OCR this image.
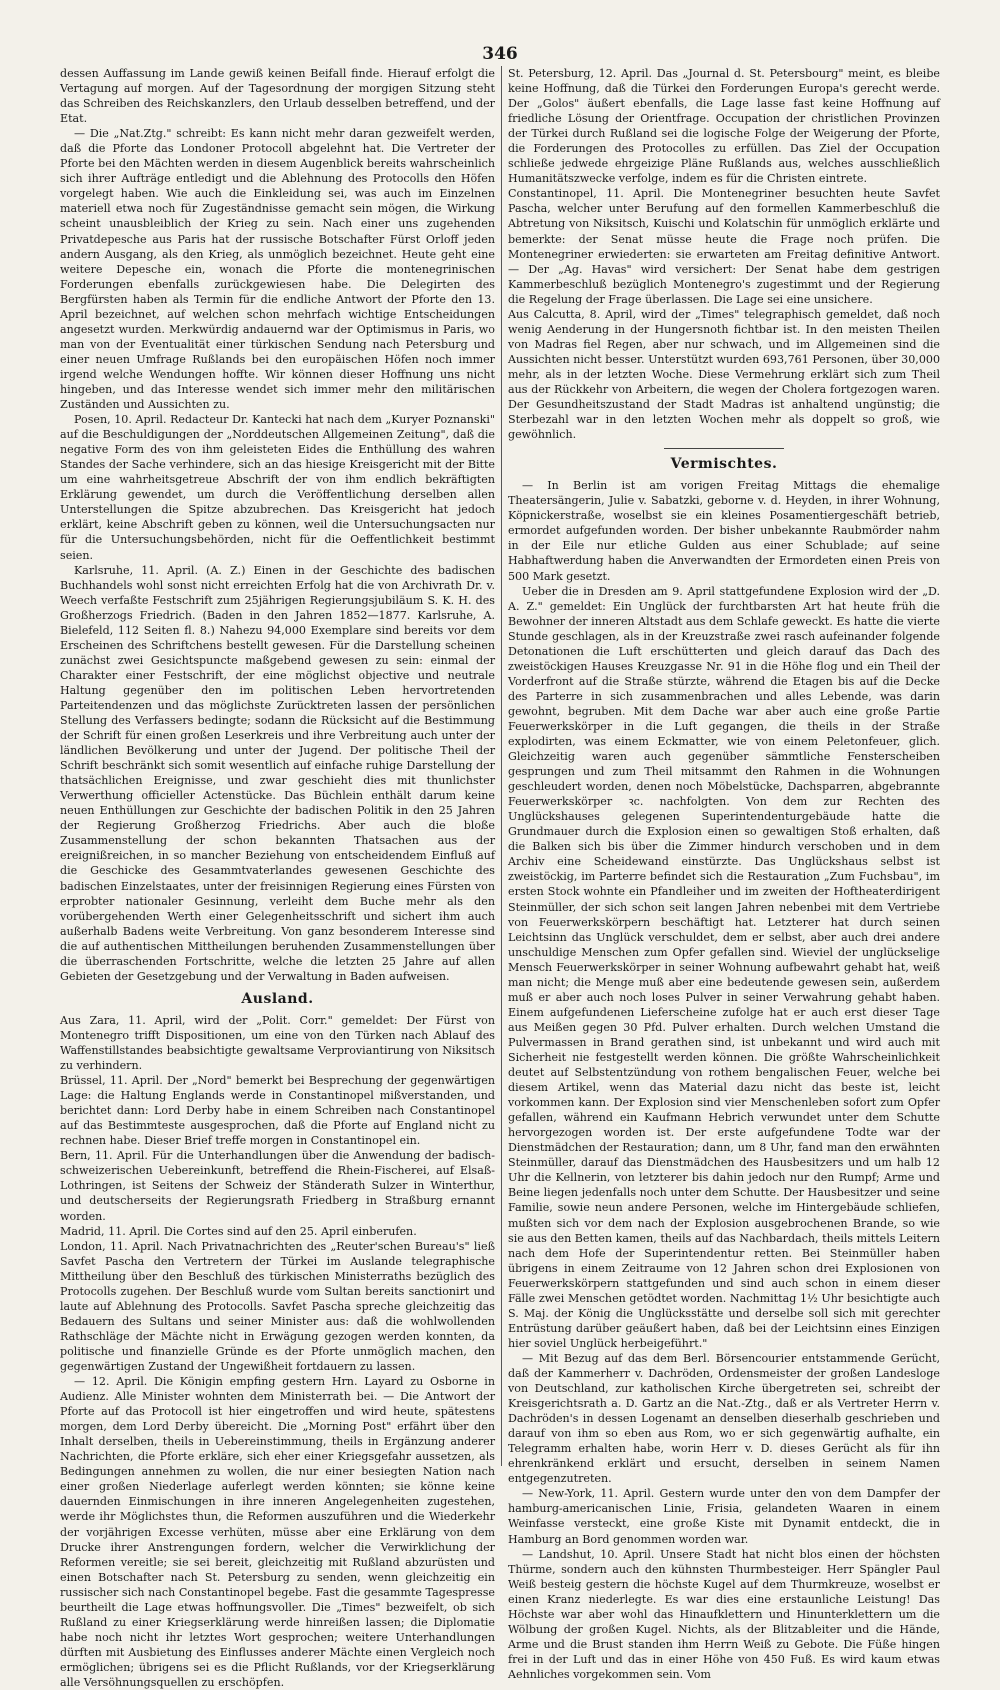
346

dessen Auffassung im Lande gewiß keinen Beifall finde. Hierauf erfolgt die Vertagung auf morgen. Auf der Tagesordnung der morgigen Sitzung steht das Schreiben des Reichskanzlers, den Urlaub desselben betreffend, und der Etat.

— Die „Nat.Ztg." schreibt: Es kann nicht mehr daran gezweifelt werden, daß die Pforte das Londoner Protocoll abgelehnt hat. Die Vertreter der Pforte bei den Mächten werden in diesem Augenblick bereits wahrscheinlich sich ihrer Aufträge entledigt und die Ablehnung des Protocolls den Höfen vorgelegt haben. Wie auch die Einkleidung sei, was auch im Einzelnen materiell etwa noch für Zugeständnisse gemacht sein mögen, die Wirkung scheint unausbleiblich der Krieg zu sein. Nach einer uns zugehenden Privatdepesche aus Paris hat der russische Botschafter Fürst Orloff jeden andern Ausgang, als den Krieg, als unmöglich bezeichnet. Heute geht eine weitere Depesche ein, wonach die Pforte die montenegrinischen Forderungen ebenfalls zurückgewiesen habe. Die Delegirten des Bergfürsten haben als Termin für die endliche Antwort der Pforte den 13. April bezeichnet, auf welchen schon mehrfach wichtige Entscheidungen angesetzt wurden. Merkwürdig andauernd war der Optimismus in Paris, wo man von der Eventualität einer türkischen Sendung nach Petersburg und einer neuen Umfrage Rußlands bei den europäischen Höfen noch immer irgend welche Wendungen hoffte. Wir können dieser Hoffnung uns nicht hingeben, und das Interesse wendet sich immer mehr den militärischen Zuständen und Aussichten zu.

Posen, 10. April. Redacteur Dr. Kantecki hat nach dem „Kuryer Poznanski" auf die Beschuldigungen der „Norddeutschen Allgemeinen Zeitung", daß die negative Form des von ihm geleisteten Eides die Enthüllung des wahren Standes der Sache verhindere, sich an das hiesige Kreisgericht mit der Bitte um eine wahrheitsgetreue Abschrift der von ihm endlich bekräftigten Erklärung gewendet, um durch die Veröffentlichung derselben allen Unterstellungen die Spitze abzubrechen. Das Kreisgericht hat jedoch erklärt, keine Abschrift geben zu können, weil die Untersuchungsacten nur für die Untersuchungsbehörden, nicht für die Oeffentlichkeit bestimmt seien.

Karlsruhe, 11. April. (A. Z.) Einen in der Geschichte des badischen Buchhandels wohl sonst nicht erreichten Erfolg hat die von Archivrath Dr. v. Weech verfaßte Festschrift zum 25jährigen Regierungsjubiläum S. K. H. des Großherzogs Friedrich. (Baden in den Jahren 1852—1877. Karlsruhe, A. Bielefeld, 112 Seiten fl. 8.) Nahezu 94,000 Exemplare sind bereits vor dem Erscheinen des Schriftchens bestellt gewesen. Für die Darstellung scheinen zunächst zwei Gesichtspuncte maßgebend gewesen zu sein: einmal der Charakter einer Festschrift, der eine möglichst objective und neutrale Haltung gegenüber den im politischen Leben hervortretenden Parteitendenzen und das möglichste Zurücktreten lassen der persönlichen Stellung des Verfassers bedingte; sodann die Rücksicht auf die Bestimmung der Schrift für einen großen Leserkreis und ihre Verbreitung auch unter der ländlichen Bevölkerung und unter der Jugend. Der politische Theil der Schrift beschränkt sich somit wesentlich auf einfache ruhige Darstellung der thatsächlichen Ereignisse, und zwar geschieht dies mit thunlichster Verwerthung officieller Actenstücke. Das Büchlein enthält darum keine neuen Enthüllungen zur Geschichte der badischen Politik in den 25 Jahren der Regierung Großherzog Friedrichs. Aber auch die bloße Zusammenstellung der schon bekannten Thatsachen aus der ereignißreichen, in so mancher Beziehung von entscheidendem Einfluß auf die Geschicke des Gesammtvaterlandes gewesenen Geschichte des badischen Einzelstaates, unter der freisinnigen Regierung eines Fürsten von erprobter nationaler Gesinnung, verleiht dem Buche mehr als den vorübergehenden Werth einer Gelegenheitsschrift und sichert ihm auch außerhalb Badens weite Verbreitung. Von ganz besonderem Interesse sind die auf authentischen Mittheilungen beruhenden Zusammenstellungen über die überraschenden Fortschritte, welche die letzten 25 Jahre auf allen Gebieten der Gesetzgebung und der Verwaltung in Baden aufweisen.

Ausland.

Aus Zara, 11. April, wird der „Polit. Corr." gemeldet: Der Fürst von Montenegro trifft Dispositionen, um eine von den Türken nach Ablauf des Waffenstillstandes beabsichtigte gewaltsame Verproviantirung von Niksitsch zu verhindern.

Brüssel, 11. April. Der „Nord" bemerkt bei Besprechung der gegenwärtigen Lage: die Haltung Englands werde in Constantinopel mißverstanden, und berichtet dann: Lord Derby habe in einem Schreiben nach Constantinopel auf das Bestimmteste ausgesprochen, daß die Pforte auf England nicht zu rechnen habe. Dieser Brief treffe morgen in Constantinopel ein.

Bern, 11. April. Für die Unterhandlungen über die Anwendung der badisch-schweizerischen Uebereinkunft, betreffend die Rhein-Fischerei, auf Elsaß-Lothringen, ist Seitens der Schweiz der Ständerath Sulzer in Winterthur, und deutscherseits der Regierungsrath Friedberg in Straßburg ernannt worden.

Madrid, 11. April. Die Cortes sind auf den 25. April einberufen.

London, 11. April. Nach Privatnachrichten des „Reuter'schen Bureau's" ließ Savfet Pascha den Vertretern der Türkei im Auslande telegraphische Mittheilung über den Beschluß des türkischen Ministerraths bezüglich des Protocolls zugehen. Der Beschluß wurde vom Sultan bereits sanctionirt und laute auf Ablehnung des Protocolls. Savfet Pascha spreche gleichzeitig das Bedauern des Sultans und seiner Minister aus: daß die wohlwollenden Rathschläge der Mächte nicht in Erwägung gezogen werden konnten, da politische und finanzielle Gründe es der Pforte unmöglich machen, den gegenwärtigen Zustand der Ungewißheit fortdauern zu lassen.

— 12. April. Die Königin empfing gestern Hrn. Layard zu Osborne in Audienz. Alle Minister wohnten dem Ministerrath bei. — Die Antwort der Pforte auf das Protocoll ist hier eingetroffen und wird heute, spätestens morgen, dem Lord Derby übereicht. Die „Morning Post" erfährt über den Inhalt derselben, theils in Uebereinstimmung, theils in Ergänzung anderer Nachrichten, die Pforte erkläre, sich eher einer Kriegsgefahr aussetzen, als Bedingungen annehmen zu wollen, die nur einer besiegten Nation nach einer großen Niederlage auferlegt werden könnten; sie könne keine dauernden Einmischungen in ihre inneren Angelegenheiten zugestehen, werde ihr Möglichstes thun, die Reformen auszuführen und die Wiederkehr der vorjährigen Excesse verhüten, müsse aber eine Erklärung von dem Drucke ihrer Anstrengungen fordern, welcher die Verwirklichung der Reformen vereitle; sie sei bereit, gleichzeitig mit Rußland abzurüsten und einen Botschafter nach St. Petersburg zu senden, wenn gleichzeitig ein russischer sich nach Constantinopel begebe. Fast die gesammte Tagespresse beurtheilt die Lage etwas hoffnungsvoller. Die „Times" bezweifelt, ob sich Rußland zu einer Kriegserklärung werde hinreißen lassen; die Diplomatie habe noch nicht ihr letztes Wort gesprochen; weitere Unterhandlungen dürften mit Ausbietung des Einflusses anderer Mächte einen Vergleich noch ermöglichen; übrigens sei es die Pflicht Rußlands, vor der Kriegserklärung alle Versöhnungsquellen zu erschöpfen.

St. Petersburg, 12. April. Das „Journal d. St. Petersbourg" meint, es bleibe keine Hoffnung, daß die Türkei den Forderungen Europa's gerecht werde. Der „Golos" äußert ebenfalls, die Lage lasse fast keine Hoffnung auf friedliche Lösung der Orientfrage. Occupation der christlichen Provinzen der Türkei durch Rußland sei die logische Folge der Weigerung der Pforte, die Forderungen des Protocolles zu erfüllen. Das Ziel der Occupation schließe jedwede ehrgeizige Pläne Rußlands aus, welches ausschließlich Humanitätszwecke verfolge, indem es für die Christen eintrete.

Constantinopel, 11. April. Die Montenegriner besuchten heute Savfet Pascha, welcher unter Berufung auf den formellen Kammerbeschluß die Abtretung von Niksitsch, Kuischi und Kolatschin für unmöglich erklärte und bemerkte: der Senat müsse heute die Frage noch prüfen. Die Montenegriner erwiederten: sie erwarteten am Freitag definitive Antwort. — Der „Ag. Havas" wird versichert: Der Senat habe dem gestrigen Kammerbeschluß bezüglich Montenegro's zugestimmt und der Regierung die Regelung der Frage überlassen. Die Lage sei eine unsichere.

Aus Calcutta, 8. April, wird der „Times" telegraphisch gemeldet, daß noch wenig Aenderung in der Hungersnoth fichtbar ist. In den meisten Theilen von Madras fiel Regen, aber nur schwach, und im Allgemeinen sind die Aussichten nicht besser. Unterstützt wurden 693,761 Personen, über 30,000 mehr, als in der letzten Woche. Diese Vermehrung erklärt sich zum Theil aus der Rückkehr von Arbeitern, die wegen der Cholera fortgezogen waren. Der Gesundheitszustand der Stadt Madras ist anhaltend ungünstig; die Sterbezahl war in den letzten Wochen mehr als doppelt so groß, wie gewöhnlich.

Vermischtes.

— In Berlin ist am vorigen Freitag Mittags die ehemalige Theatersängerin, Julie v. Sabatzki, geborne v. d. Heyden, in ihrer Wohnung, Köpnickerstraße, woselbst sie ein kleines Posamentiergeschäft betrieb, ermordet aufgefunden worden. Der bisher unbekannte Raubmörder nahm in der Eile nur etliche Gulden aus einer Schublade; auf seine Habhaftwerdung haben die Anverwandten der Ermordeten einen Preis von 500 Mark gesetzt.

Ueber die in Dresden am 9. April stattgefundene Explosion wird der „D. A. Z." gemeldet: Ein Unglück der furchtbarsten Art hat heute früh die Bewohner der inneren Altstadt aus dem Schlafe geweckt. Es hatte die vierte Stunde geschlagen, als in der Kreuzstraße zwei rasch aufeinander folgende Detonationen die Luft erschütterten und gleich darauf das Dach des zweistöckigen Hauses Kreuzgasse Nr. 91 in die Höhe flog und ein Theil der Vorderfront auf die Straße stürzte, während die Etagen bis auf die Decke des Parterre in sich zusammenbrachen und alles Lebende, was darin gewohnt, begruben. Mit dem Dache war aber auch eine große Partie Feuerwerkskörper in die Luft gegangen, die theils in der Straße explodirten, was einem Eckmatter, wie von einem Peletonfeuer, glich. Gleichzeitig waren auch gegenüber sämmtliche Fensterscheiben gesprungen und zum Theil mitsammt den Rahmen in die Wohnungen geschleudert worden, denen noch Möbelstücke, Dachsparren, abgebrannte Feuerwerkskörper ꝛc. nachfolgten. Von dem zur Rechten des Unglückshauses gelegenen Superintendenturgebäude hatte die Grundmauer durch die Explosion einen so gewaltigen Stoß erhalten, daß die Balken sich bis über die Zimmer hindurch verschoben und in dem Archiv eine Scheidewand einstürzte. Das Unglückshaus selbst ist zweistöckig, im Parterre befindet sich die Restauration „Zum Fuchsbau", im ersten Stock wohnte ein Pfandleiher und im zweiten der Hoftheaterdirigent Steinmüller, der sich schon seit langen Jahren nebenbei mit dem Vertriebe von Feuerwerkskörpern beschäftigt hat. Letzterer hat durch seinen Leichtsinn das Unglück verschuldet, dem er selbst, aber auch drei andere unschuldige Menschen zum Opfer gefallen sind. Wieviel der unglückselige Mensch Feuerwerkskörper in seiner Wohnung aufbewahrt gehabt hat, weiß man nicht; die Menge muß aber eine bedeutende gewesen sein, außerdem muß er aber auch noch loses Pulver in seiner Verwahrung gehabt haben. Einem aufgefundenen Lieferscheine zufolge hat er auch erst dieser Tage aus Meißen gegen 30 Pfd. Pulver erhalten. Durch welchen Umstand die Pulvermassen in Brand gerathen sind, ist unbekannt und wird auch mit Sicherheit nie festgestellt werden können. Die größte Wahrscheinlichkeit deutet auf Selbstentzündung von rothem bengalischen Feuer, welche bei diesem Artikel, wenn das Material dazu nicht das beste ist, leicht vorkommen kann. Der Explosion sind vier Menschenleben sofort zum Opfer gefallen, während ein Kaufmann Hebrich verwundet unter dem Schutte hervorgezogen worden ist. Der erste aufgefundene Todte war der Dienstmädchen der Restauration; dann, um 8 Uhr, fand man den erwähnten Steinmüller, darauf das Dienstmädchen des Hausbesitzers und um halb 12 Uhr die Kellnerin, von letzterer bis dahin jedoch nur den Rumpf; Arme und Beine liegen jedenfalls noch unter dem Schutte. Der Hausbesitzer und seine Familie, sowie neun andere Personen, welche im Hintergebäude schliefen, mußten sich vor dem nach der Explosion ausgebrochenen Brande, so wie sie aus den Betten kamen, theils auf das Nachbardach, theils mittels Leitern nach dem Hofe der Superintendentur retten. Bei Steinmüller haben übrigens in einem Zeitraume von 12 Jahren schon drei Explosionen von Feuerwerkskörpern stattgefunden und sind auch schon in einem dieser Fälle zwei Menschen getödtet worden. Nachmittag 1½ Uhr besichtigte auch S. Maj. der König die Unglücksstätte und derselbe soll sich mit gerechter Entrüstung darüber geäußert haben, daß bei der Leichtsinn eines Einzigen hier soviel Unglück herbeigeführt."

— Mit Bezug auf das dem Berl. Börsencourier entstammende Gerücht, daß der Kammerherr v. Dachröden, Ordensmeister der großen Landesloge von Deutschland, zur katholischen Kirche übergetreten sei, schreibt der Kreisgerichtsrath a. D. Gartz an die Nat.-Ztg., daß er als Vertreter Herrn v. Dachröden's in dessen Logenamt an denselben dieserhalb geschrieben und darauf von ihm so eben aus Rom, wo er sich gegenwärtig aufhalte, ein Telegramm erhalten habe, worin Herr v. D. dieses Gerücht als für ihn ehrenkränkend erklärt und ersucht, derselben in seinem Namen entgegenzutreten.

— New-York, 11. April. Gestern wurde unter den von dem Dampfer der hamburg-americanischen Linie, Frisia, gelandeten Waaren in einem Weinfasse versteckt, eine große Kiste mit Dynamit entdeckt, die in Hamburg an Bord genommen worden war.

— Landshut, 10. April. Unsere Stadt hat nicht blos einen der höchsten Thürme, sondern auch den kühnsten Thurmbesteiger. Herr Spängler Paul Weiß besteig gestern die höchste Kugel auf dem Thurmkreuze, woselbst er einen Kranz niederlegte. Es war dies eine erstaunliche Leistung! Das Höchste war aber wohl das Hinaufklettern und Hinunterklettern um die Wölbung der großen Kugel. Nichts, als der Blitzableiter und die Hände, Arme und die Brust standen ihm Herrn Weiß zu Gebote. Die Füße hingen frei in der Luft und das in einer Höhe von 450 Fuß. Es wird kaum etwas Aehnliches vorgekommen sein. Vom
